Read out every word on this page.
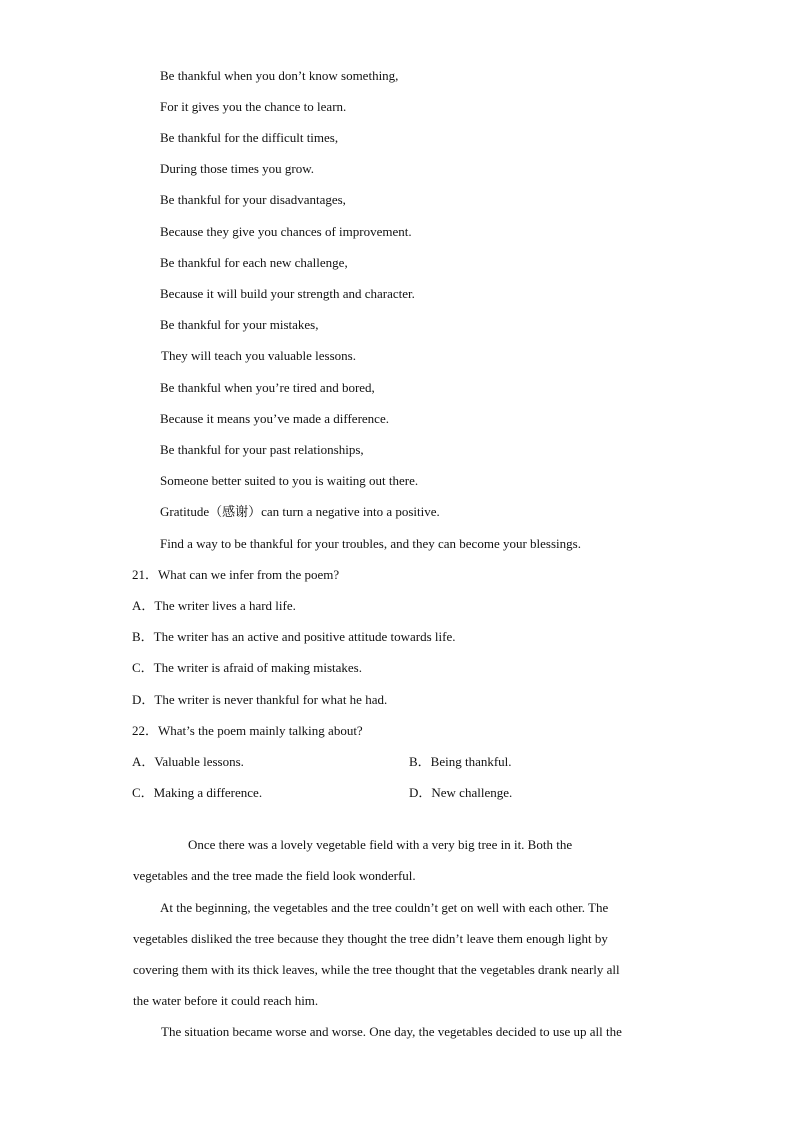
Be thankful when you don’t know something,
For it gives you the chance to learn.
Be thankful for the difficult times,
During those times you grow.
Be thankful for your disadvantages,
Because they give you chances of improvement.
Be thankful for each new challenge,
Because it will build your strength and character.
Be thankful for your mistakes,
They will teach you valuable lessons.
Be thankful when you’re tired and bored,
Because it means you’ve made a difference.
Be thankful for your past relationships,
Someone better suited to you is waiting out there.
Gratitude（感谢）can turn a negative into a positive.
Find a way to be thankful for your troubles, and they can become your blessings.
21．What can we infer from the poem?
A．The writer lives a hard life.
B．The writer has an active and positive attitude towards life.
C．The writer is afraid of making mistakes.
D．The writer is never thankful for what he had.
22．What’s the poem mainly talking about?
A．Valuable lessons.	B．Being thankful.
C．Making a difference.	D．New challenge.
Once there was a lovely vegetable field with a very big tree in it. Both the
vegetables and the tree made the field look wonderful.
At the beginning, the vegetables and the tree couldn’t get on well with each other. The
vegetables disliked the tree because they thought the tree didn’t leave them enough light by
covering them with its thick leaves, while the tree thought that the vegetables drank nearly all
the water before it could reach him.
The situation became worse and worse. One day, the vegetables decided to use up all the
